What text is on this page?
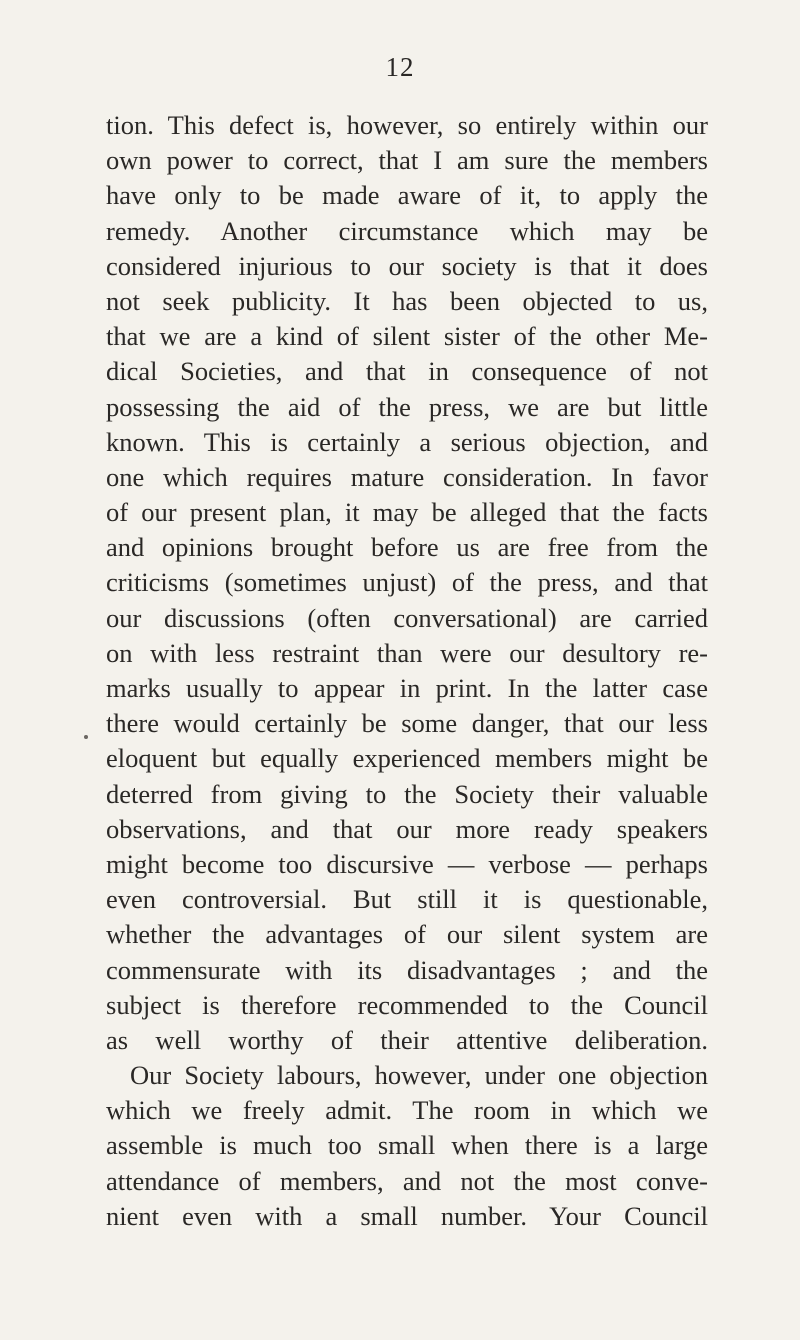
12
tion. This defect is, however, so entirely within our
own power to correct, that I am sure the members
have only to be made aware of it, to apply the
remedy. Another circumstance which may be
considered injurious to our society is that it does
not seek publicity. It has been objected to us,
that we are a kind of silent sister of the other Me-
dical Societies, and that in consequence of not
possessing the aid of the press, we are but little
known. This is certainly a serious objection, and
one which requires mature consideration. In favor
of our present plan, it may be alleged that the facts
and opinions brought before us are free from the
criticisms (sometimes unjust) of the press, and that
our discussions (often conversational) are carried
on with less restraint than were our desultory re-
marks usually to appear in print. In the latter case
there would certainly be some danger, that our less
eloquent but equally experienced members might be
deterred from giving to the Society their valuable
observations, and that our more ready speakers
might become too discursive — verbose — perhaps
even controversial. But still it is questionable,
whether the advantages of our silent system are
commensurate with its disadvantages ; and the
subject is therefore recommended to the Council
as well worthy of their attentive deliberation.
Our Society labours, however, under one objection
which we freely admit. The room in which we
assemble is much too small when there is a large
attendance of members, and not the most conve-
nient even with a small number. Your Council
